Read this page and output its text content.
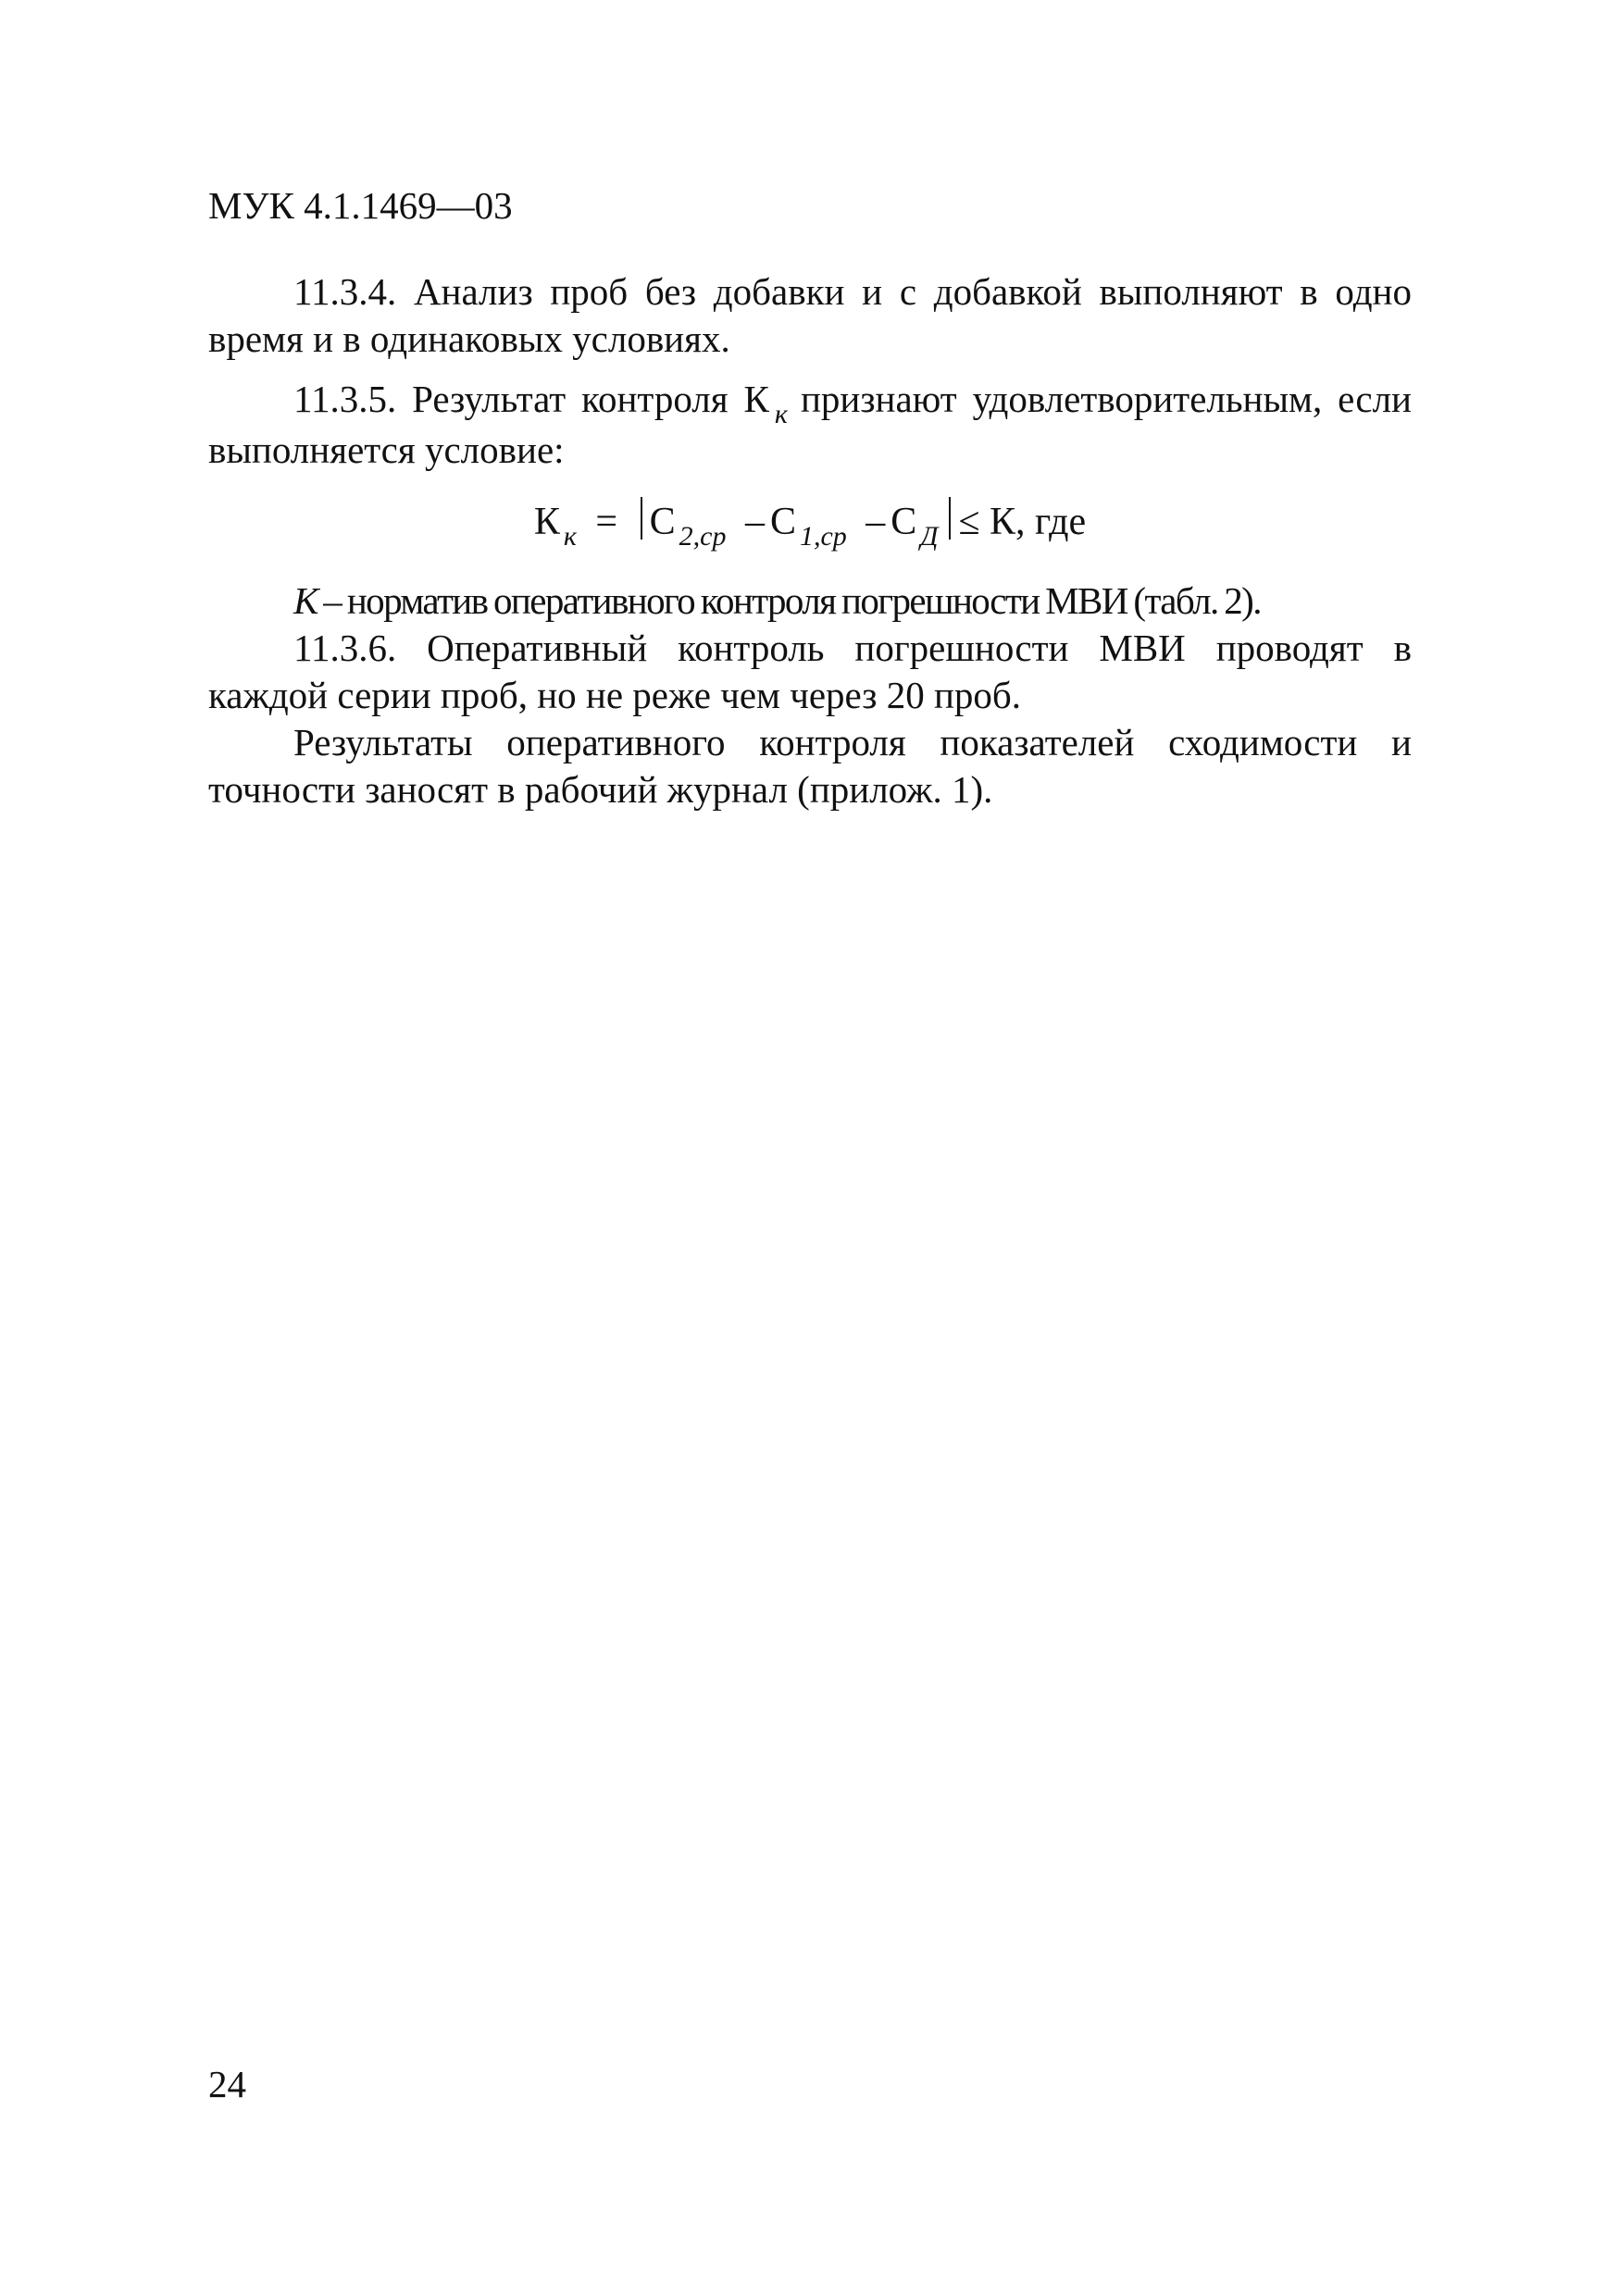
МУК 4.1.1469—03

11.3.4. Анализ проб без добавки и с добавкой выполняют в одно время и в одинаковых условиях.

11.3.5. Результат контроля К $_к$ признают удовлетворительным, если выполняется условие:

К $_к$ = С $_{2,ср}$ – С $_{1,ср}$ – С $_Д$ ≤ К, где

К – норматив оперативного контроля погрешности МВИ (табл. 2).

11.3.6. Оперативный контроль погрешности МВИ проводят в каждой серии проб, но не реже чем через 20 проб.

Результаты оперативного контроля показателей сходимости и точности заносят в рабочий журнал (прилож. 1).

24
